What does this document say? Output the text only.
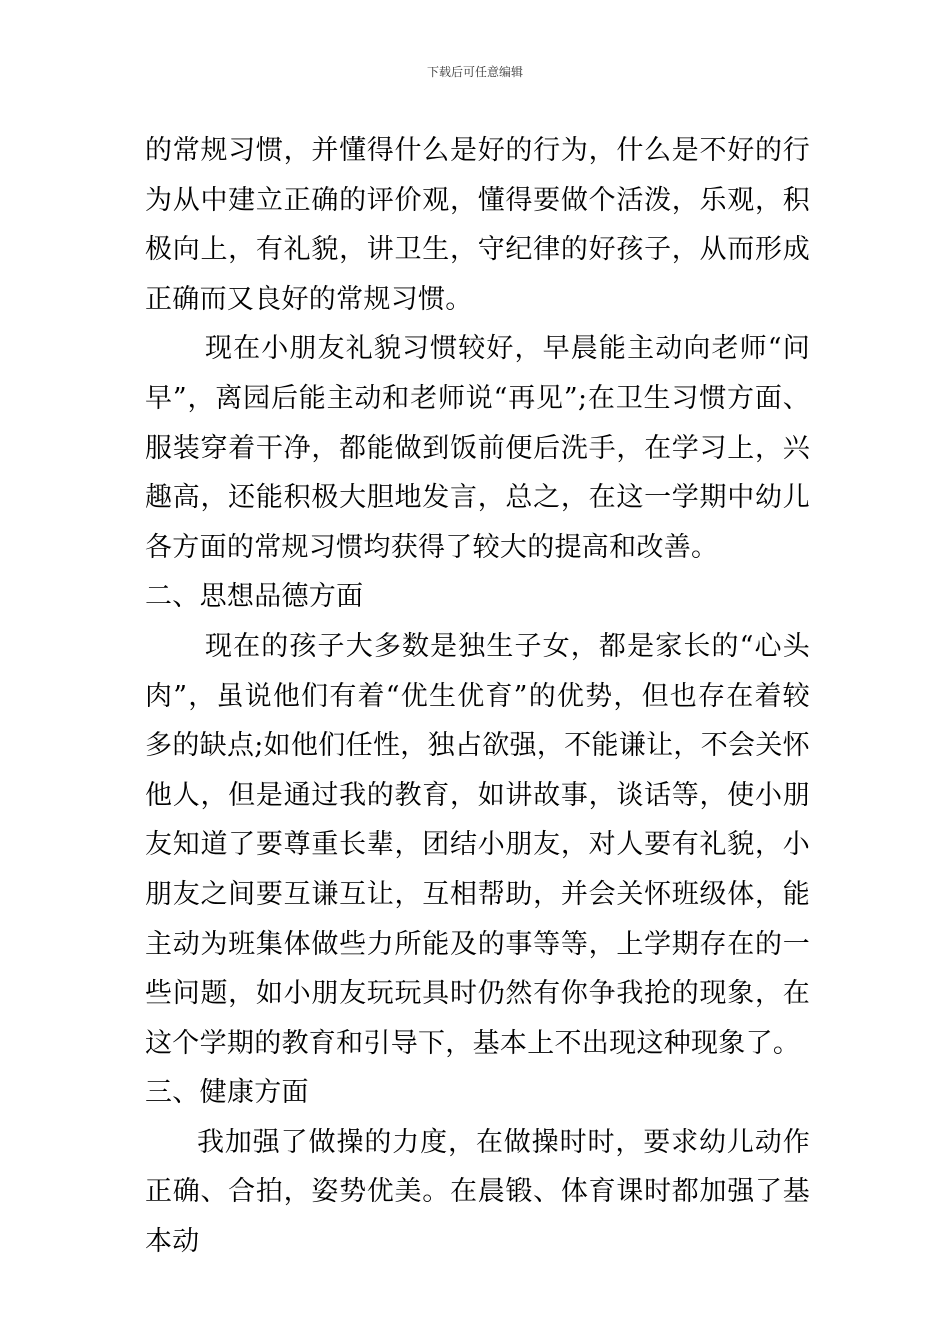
下载后可任意编辑

的常规习惯，并懂得什么是好的行为，什么是不好的行为从中建立正确的评价观，懂得要做个活泼，乐观，积极向上，有礼貌，讲卫生，守纪律的好孩子，从而形成正确而又良好的常规习惯。

现在小朋友礼貌习惯较好，早晨能主动向老师“问早”，离园后能主动和老师说“再见”;在卫生习惯方面、服装穿着干净，都能做到饭前便后洗手，在学习上，兴趣高，还能积极大胆地发言，总之，在这一学期中幼儿各方面的常规习惯均获得了较大的提高和改善。

二、思想品德方面

现在的孩子大多数是独生子女，都是家长的“心头肉”，虽说他们有着“优生优育”的优势，但也存在着较多的缺点;如他们任性，独占欲强，不能谦让，不会关怀他人，但是通过我的教育，如讲故事，谈话等，使小朋友知道了要尊重长辈，团结小朋友，对人要有礼貌，小朋友之间要互谦互让，互相帮助，并会关怀班级体，能主动为班集体做些力所能及的事等等，上学期存在的一些问题，如小朋友玩玩具时仍然有你争我抢的现象，在这个学期的教育和引导下，基本上不出现这种现象了。

三、健康方面

我加强了做操的力度，在做操时时，要求幼儿动作正确、合拍，姿势优美。在晨锻、体育课时都加强了基本动
